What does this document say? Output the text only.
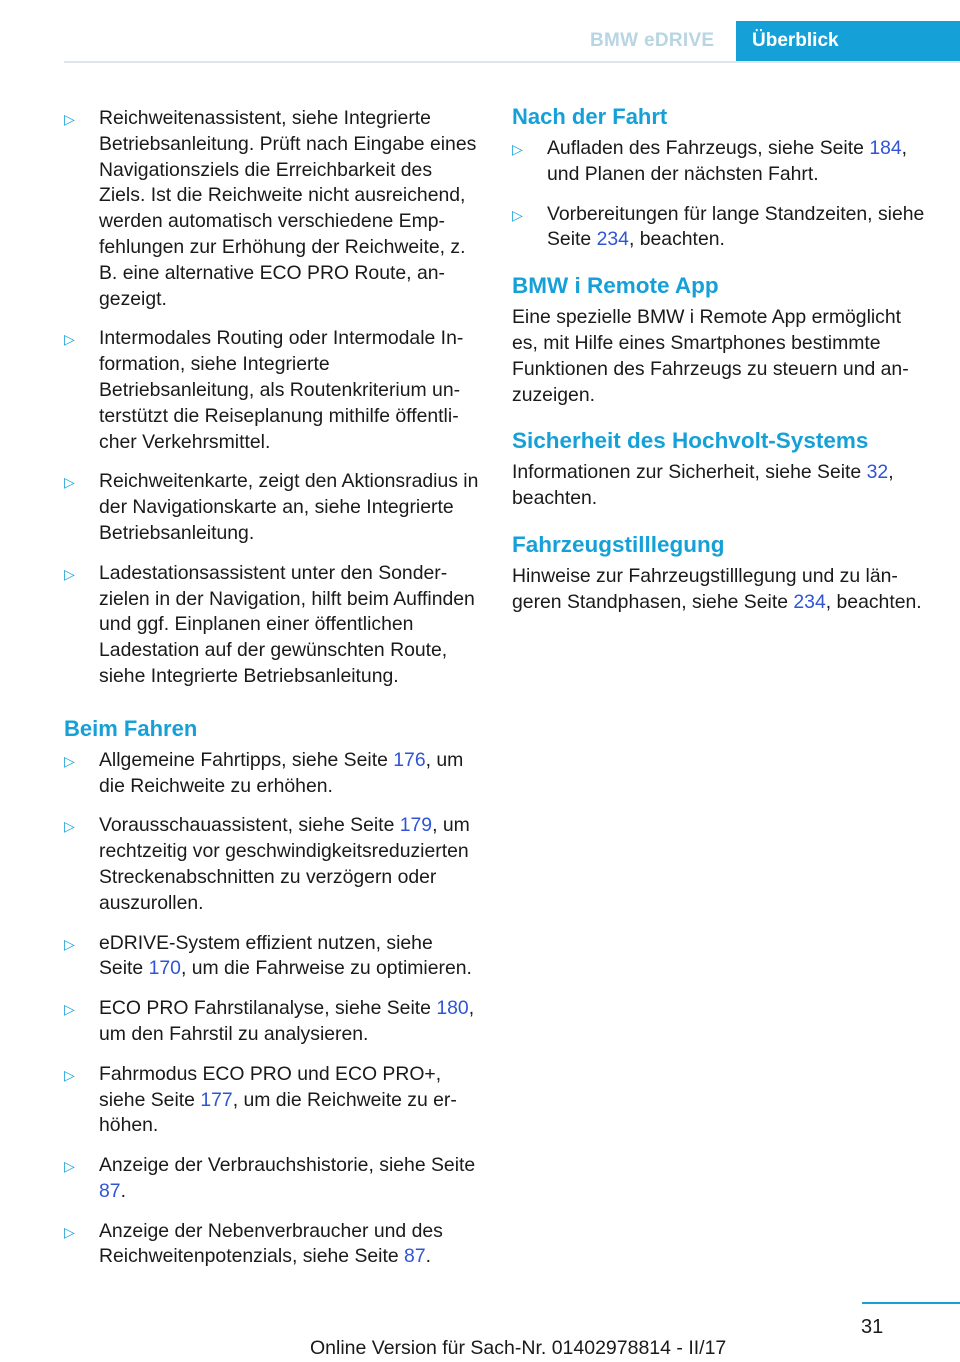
BMW eDRIVE Überblick
▷ Reichweitenassistent, siehe Integrierte Betriebsanleitung. Prüft nach Eingabe eines Navigationsziels die Erreichbarkeit des Ziels. Ist die Reichweite nicht ausreichend, werden automatisch verschiedene Empfehlungen zur Erhöhung der Reichweite, z. B. eine alternative ECO PRO Route, angezeigt.
▷ Intermodales Routing oder Intermodale Information, siehe Integrierte Betriebsanleitung, als Routenkriterium unterstützt die Reiseplanung mithilfe öffentlicher Verkehrsmittel.
▷ Reichweitenkarte, zeigt den Aktionsradius in der Navigationskarte an, siehe Integrierte Betriebsanleitung.
▷ Ladestationsassistent unter den Sonderzielen in der Navigation, hilft beim Auffinden und ggf. Einplanen einer öffentlichen Ladestation auf der gewünschten Route, siehe Integrierte Betriebsanleitung.
Beim Fahren
▷ Allgemeine Fahrtipps, siehe Seite 176, um die Reichweite zu erhöhen.
▷ Vorausschauassistent, siehe Seite 179, um rechtzeitig vor geschwindigkeitsreduzierten Streckenabschnitten zu verzögern oder auszurollen.
▷ eDRIVE-System effizient nutzen, siehe Seite 170, um die Fahrweise zu optimieren.
▷ ECO PRO Fahrstilanalyse, siehe Seite 180, um den Fahrstil zu analysieren.
▷ Fahrmodus ECO PRO und ECO PRO+, siehe Seite 177, um die Reichweite zu erhöhen.
▷ Anzeige der Verbrauchshistorie, siehe Seite 87.
▷ Anzeige der Nebenverbraucher und des Reichweitenpotenzials, siehe Seite 87.
Nach der Fahrt
▷ Aufladen des Fahrzeugs, siehe Seite 184, und Planen der nächsten Fahrt.
▷ Vorbereitungen für lange Standzeiten, siehe Seite 234, beachten.
BMW i Remote App

Eine spezielle BMW i Remote App ermöglicht es, mit Hilfe eines Smartphones bestimmte Funktionen des Fahrzeugs zu steuern und anzuzeigen.

Sicherheit des Hochvolt-Systems

Informationen zur Sicherheit, siehe Seite 32, beachten.

Fahrzeugstilllegung

Hinweise zur Fahrzeugstilllegung und zu längeren Standphasen, siehe Seite 234, beachten.

31
Online Version für Sach-Nr. 01402978814 - II/17
